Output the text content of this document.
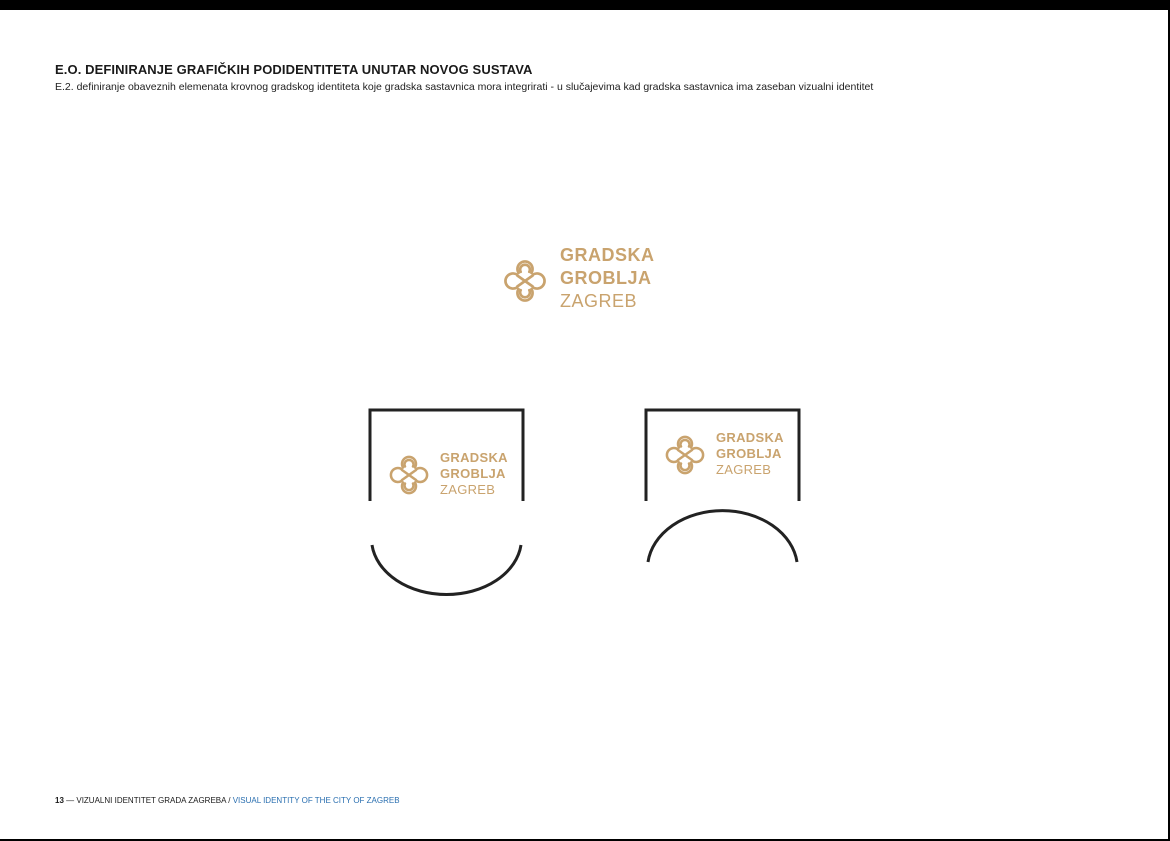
E.O. DEFINIRANJE GRAFIČKIH PODIDENTITETA UNUTAR NOVOG SUSTAVA

E.2. definiranje obaveznih elemenata krovnog gradskog identiteta koje gradska sastavnica mora integrirati - u slučajevima kad gradska sastavnica ima zaseban vizualni identitet

GRADSKA
GROBLJA
ZAGREB
GRADSKA
GROBLJA
ZAGREB
GRADSKA
GROBLJA
ZAGREB

13 — VIZUALNI IDENTITET GRADA ZAGREBA / VISUAL IDENTITY OF THE CITY OF ZAGREB
